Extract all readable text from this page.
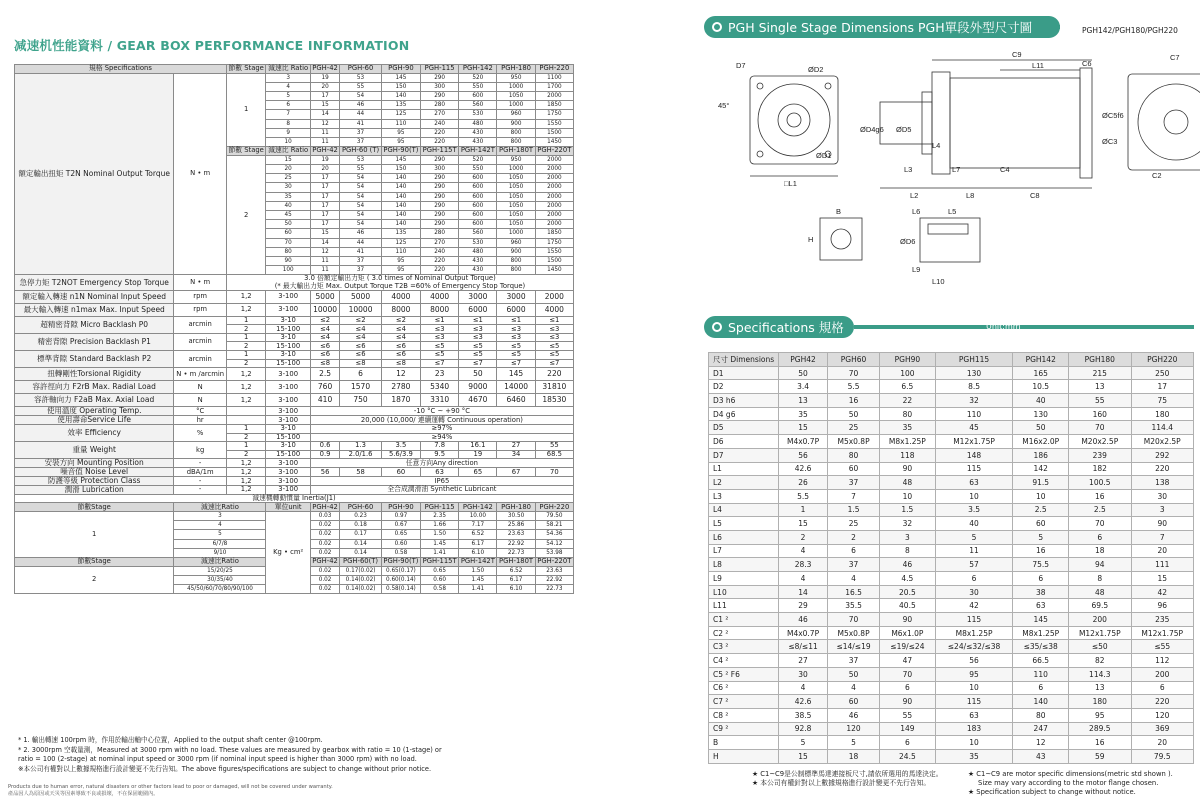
减速机性能資料 / GEAR BOX PERFORMANCE INFORMATION
規格 Specifications		節數 Stage	減速比 Ratio	PGH-42	PGH-60	PGH-90	PGH-115	PGH-142	PGH-180	PGH-220
額定輸出扭矩 T2N Nominal Output Torque	N • m	1	3	19	53	145	290	520	950	1100
			4	20	55	150	300	550	1000	1700
			5	17	54	140	290	600	1050	2000
			6	15	46	135	280	560	1000	1850
			7	14	44	125	270	530	960	1750
			8	12	41	110	240	480	900	1550
			9	11	37	95	220	430	800	1500
			10	11	37	95	220	430	800	1450
		節數 Stage	減速比 Ratio	PGH-42	PGH-60 (T)	PGH-90(T)	PGH-115T	PGH-142T	PGH-180T	PGH-220T
		2	15	19	53	145	290	520	950	2000
			20	20	55	150	300	550	1000	2000
			25	17	54	140	290	600	1050	2000
			30	17	54	140	290	600	1050	2000
			35	17	54	140	290	600	1050	2000
			40	17	54	140	290	600	1050	2000
			45	17	54	140	290	600	1050	2000
			50	17	54	140	290	600	1050	2000
			60	15	46	135	280	560	1000	1850
			70	14	44	125	270	530	960	1750
			80	12	41	110	240	480	900	1550
			90	11	37	95	220	430	800	1500
			100	11	37	95	220	430	800	1450
急停力矩 T2NOT Emergency Stop Torque	N • m	3.0 倍額定輸出力矩 ( 3.0 times of Nominal Output Torque)
(* 最大輸出力矩 Max. Output Torque T2B =60% of Emergency Stop Torque)								

額定輸入轉速 n1N Nominal Input Speed	rpm	1,2	3-100	5000	5000	4000	4000	3000	3000	2000
最大輸入轉速 n1max Max. Input Speed	rpm	1,2	3-100	10000	10000	8000	8000	6000	6000	4000
超精密背隙 Micro Backlash P0	arcmin	1	3-10	≤2	≤2	≤2	≤1	≤1	≤1	≤1
		2	15-100	≤4	≤4	≤4	≤3	≤3	≤3	≤3
精密背隙 Precision Backlash P1	arcmin	1	3-10	≤4	≤4	≤4	≤3	≤3	≤3	≤3
		2	15-100	≤6	≤6	≤6	≤5	≤5	≤5	≤5
標準背隙 Standard Backlash P2	arcmin	1	3-10	≤6	≤6	≤6	≤5	≤5	≤5	≤5
		2	15-100	≤8	≤8	≤8	≤7	≤7	≤7	≤7
扭轉剛性Torsional Rigidity	N • m /arcmin	1,2	3-100	2.5	6	12	23	50	145	220
容許徑向力 F2rB Max. Radial Load	N	1,2	3-100	760	1570	2780	5340	9000	14000	31810
容許軸向力 F2aB Max. Axial Load	N	1,2	3-100	410	750	1870	3310	4670	6460	18530
使用溫度 Operating Temp.	°C		3-100	-10 °C ~ +90 °C						
使用壽命Service Life	hr		3-100	20,000 (10,000/ 連續運轉 Continuous operation)						
效率 Efficiency	%	1	3-10	≥97%						
		2	15-100	≥94%						
重量 Weight	kg	1	3-10	0.6	1.3	3.5	7.8	16.1	27	55
		2	15-100	0.9	2.0/1.6	5.6/3.9	9.5	19	34	68.5
安裝方向 Mounting Position	-	1,2	3-100	任意方向Any direction						
噪音值 Noise Level	dBA/1m	1,2	3-100	56	58	60	63	65	67	70
防護等級 Protection Class	-	1,2	3-100	IP65						
潤滑 Lubrication	-	1,2	3-100	全合成潤滑油 Synthetic Lubricant						
減速機轉動慣量 Inertia(J1)										
節數Stage	減速比Ratio		單位unit	PGH-42	PGH-60	PGH-90	PGH-115	PGH-142	PGH-180	PGH-220
1	3		Kg • cm²	0.03	0.23	0.97	2.35	10.00	30.50	79.50
	4			0.02	0.18	0.67	1.66	7.17	25.86	58.21
	5			0.02	0.17	0.65	1.50	6.52	23.63	54.36
	6/7/8			0.02	0.14	0.60	1.45	6.17	22.92	54.12
	9/10			0.02	0.14	0.58	1.41	6.10	22.73	53.98
節數Stage	減速比Ratio			PGH-42	PGH-60(T)	PGH-90(T)	PGH-115T	PGH-142T	PGH-180T	PGH-220T
2	15/20/25			0.02	0.17(0.02)	0.65(0.17)	0.65	1.50	6.52	23.63
	30/35/40			0.02	0.14(0.02)	0.60(0.14)	0.60	1.45	6.17	22.92
	45/50/60/70/80/90/100			0.02	0.14(0.02)	0.58(0.14)	0.58	1.41	6.10	22.73
* 1. 輸出轉速 100rpm 時，作用於輸出軸中心位置，Applied to the output shaft center @100rpm.
* 2. 3000rpm 空載量測，Measured at 3000 rpm with no load. These values are measured by gearbox with ratio = 10 (1-stage) or
ratio = 100 (2-stage) at nominal input speed or 3000 rpm (if nominal input speed is higher than 3000 rpm) with no load.
※本公司有權對以上數據規格進行設計變更不先行告知。The above figures/specifications are subject to change without prior notice.
Products due to human error, natural disasters or other factors lead to poor or damaged, will not be covered under warranty.
產品因人為原因或天災等因素導致不良或損壞，不在保固範圍內。
PGH Single Stage Dimensions PGH單段外型尺寸圖	PGH142/PGH180/PGH220
D7	ØD2
ØD1
45°
□L1
C9
C6
L11
C7
ØD4g6 ØD5
L4
L3	L7	C4
L2	L8	C8
ØC3
ØC5f6
C2
B
H
L6	L5
ØD6
L9
L10
Specifications 規格	Unit:mm
尺寸 Dimensions	PGH42	PGH60	PGH90	PGH115	PGH142	PGH180	PGH220
D1	50	70	100	130	165	215	250
D2	3.4	5.5	6.5	8.5	10.5	13	17
D3 h6	13	16	22	32	40	55	75
D4 g6	35	50	80	110	130	160	180
D5	15	25	35	45	50	70	114.4
D6	M4x0.7P	M5x0.8P	M8x1.25P	M12x1.75P	M16x2.0P	M20x2.5P	M20x2.5P
D7	56	80	118	148	186	239	292
L1	42.6	60	90	115	142	182	220
L2	26	37	48	63	91.5	100.5	138
L3	5.5	7	10	10	10	16	30
L4	1	1.5	1.5	3.5	2.5	2.5	3
L5	15	25	32	40	60	70	90
L6	2	2	3	5	5	6	7
L7	4	6	8	11	16	18	20
L8	28.3	37	46	57	75.5	94	111
L9	4	4	4.5	6	6	8	15
L10	14	16.5	20.5	30	38	48	42
L11	29	35.5	40.5	42	63	69.5	96
C1 ²	46	70	90	115	145	200	235
C2 ²	M4x0.7P	M5x0.8P	M6x1.0P	M8x1.25P	M8x1.25P	M12x1.75P	M12x1.75P
C3 ²	≤8/≤11	≤14/≤19	≤19/≤24	≤24/≤32/≤38	≤35/≤38	≤50	≤55
C4 ²	27	37	47	56	66.5	82	112
C5 ² F6	30	50	70	95	110	114.3	200
C6 ²	4	4	6	10	6	13	6
C7 ²	42.6	60	90	115	140	180	220
C8 ²	38.5	46	55	63	80	95	120
C9 ²	92.8	120	149	183	247	289.5	369
B	5	5	6	10	12	16	20
H	15	18	24.5	35	43	59	79.5
★ C1~C9是公制標準馬達連接板尺寸,請依所選用的馬達決定。
★ 本公司有權針對以上數據規格進行設計變更不先行告知。
★ C1~C9 are motor specific dimensions(metric std shown ).
Size may vary according to the motor flange chosen.
★ Specification subject to change without notice.
